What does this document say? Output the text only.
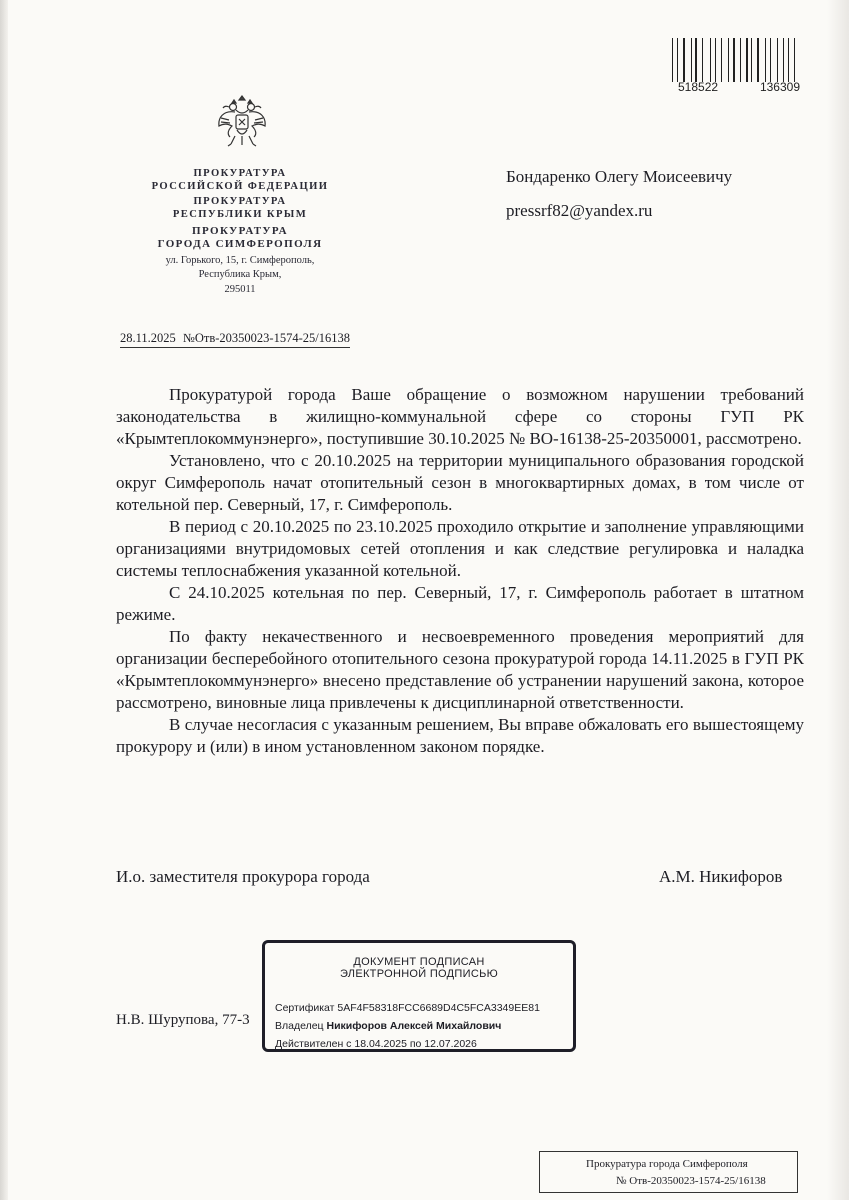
518522	136309
ПРОКУРАТУРА
РОССИЙСКОЙ ФЕДЕРАЦИИ
ПРОКУРАТУРА
РЕСПУБЛИКИ КРЫМ
ПРОКУРАТУРА
ГОРОДА СИМФЕРОПОЛЯ
ул. Горького, 15, г. Симферополь,
Республика Крым,
295011
28.11.2025 №Отв-20350023-1574-25/16138
Бондаренко Олегу Моисеевичу
pressrf82@yandex.ru

Прокуратурой города Ваше обращение о возможном нарушении требований законодательства в жилищно-коммунальной сфере со стороны ГУП РК «Крымтеплокоммунэнерго», поступившие 30.10.2025 № ВО-16138-25-20350001, рассмотрено.

Установлено, что с 20.10.2025 на территории муниципального образования городской округ Симферополь начат отопительный сезон в многоквартирных домах, в том числе от котельной пер. Северный, 17, г. Симферополь.

В период с 20.10.2025 по 23.10.2025 проходило открытие и заполнение управляющими организациями внутридомовых сетей отопления и как следствие регулировка и наладка системы теплоснабжения указанной котельной.

С 24.10.2025 котельная по пер. Северный, 17, г. Симферополь работает в штатном режиме.

По факту некачественного и несвоевременного проведения мероприятий для организации бесперебойного отопительного сезона прокуратурой города 14.11.2025 в ГУП РК «Крымтеплокоммунэнерго» внесено представление об устранении нарушений закона, которое рассмотрено, виновные лица привлечены к дисциплинарной ответственности.

В случае несогласия с указанным решением, Вы вправе обжаловать его вышестоящему прокурору и (или) в ином установленном законом порядке.

И.о. заместителя прокурора города	А.М. Никифоров
ДОКУМЕНТ ПОДПИСАН
ЭЛЕКТРОННОЙ ПОДПИСЬЮ
Сертификат 5AF4F58318FCC6689D4C5FCA3349EE81
Владелец Никифоров Алексей Михайлович
Действителен с 18.04.2025 по 12.07.2026
Н.В. Шурупова, 77-3
Прокуратура города Симферополя
№ Отв-20350023-1574-25/16138
